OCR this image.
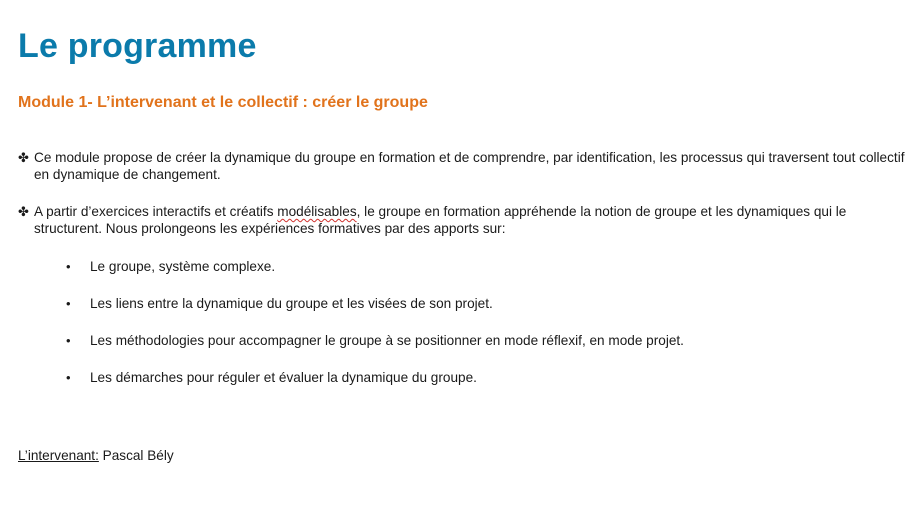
Le programme
Module 1- L’intervenant et le collectif : créer le groupe
✤ Ce module propose de créer la dynamique du groupe en formation et de comprendre, par identification, les processus qui traversent tout collectif en dynamique de changement.
✤ A partir d’exercices interactifs et créatifs modélisables, le groupe en formation appréhende la notion de groupe et les dynamiques qui le structurent. Nous prolongeons les expériences formatives par des apports sur:
•	Le groupe, système complexe.
•	Les liens entre la dynamique du groupe et les visées de son projet.
•	Les méthodologies pour accompagner le groupe à se positionner en mode réflexif, en mode projet.
•	Les démarches pour réguler et évaluer la dynamique du groupe.
L’intervenant: Pascal Bély
